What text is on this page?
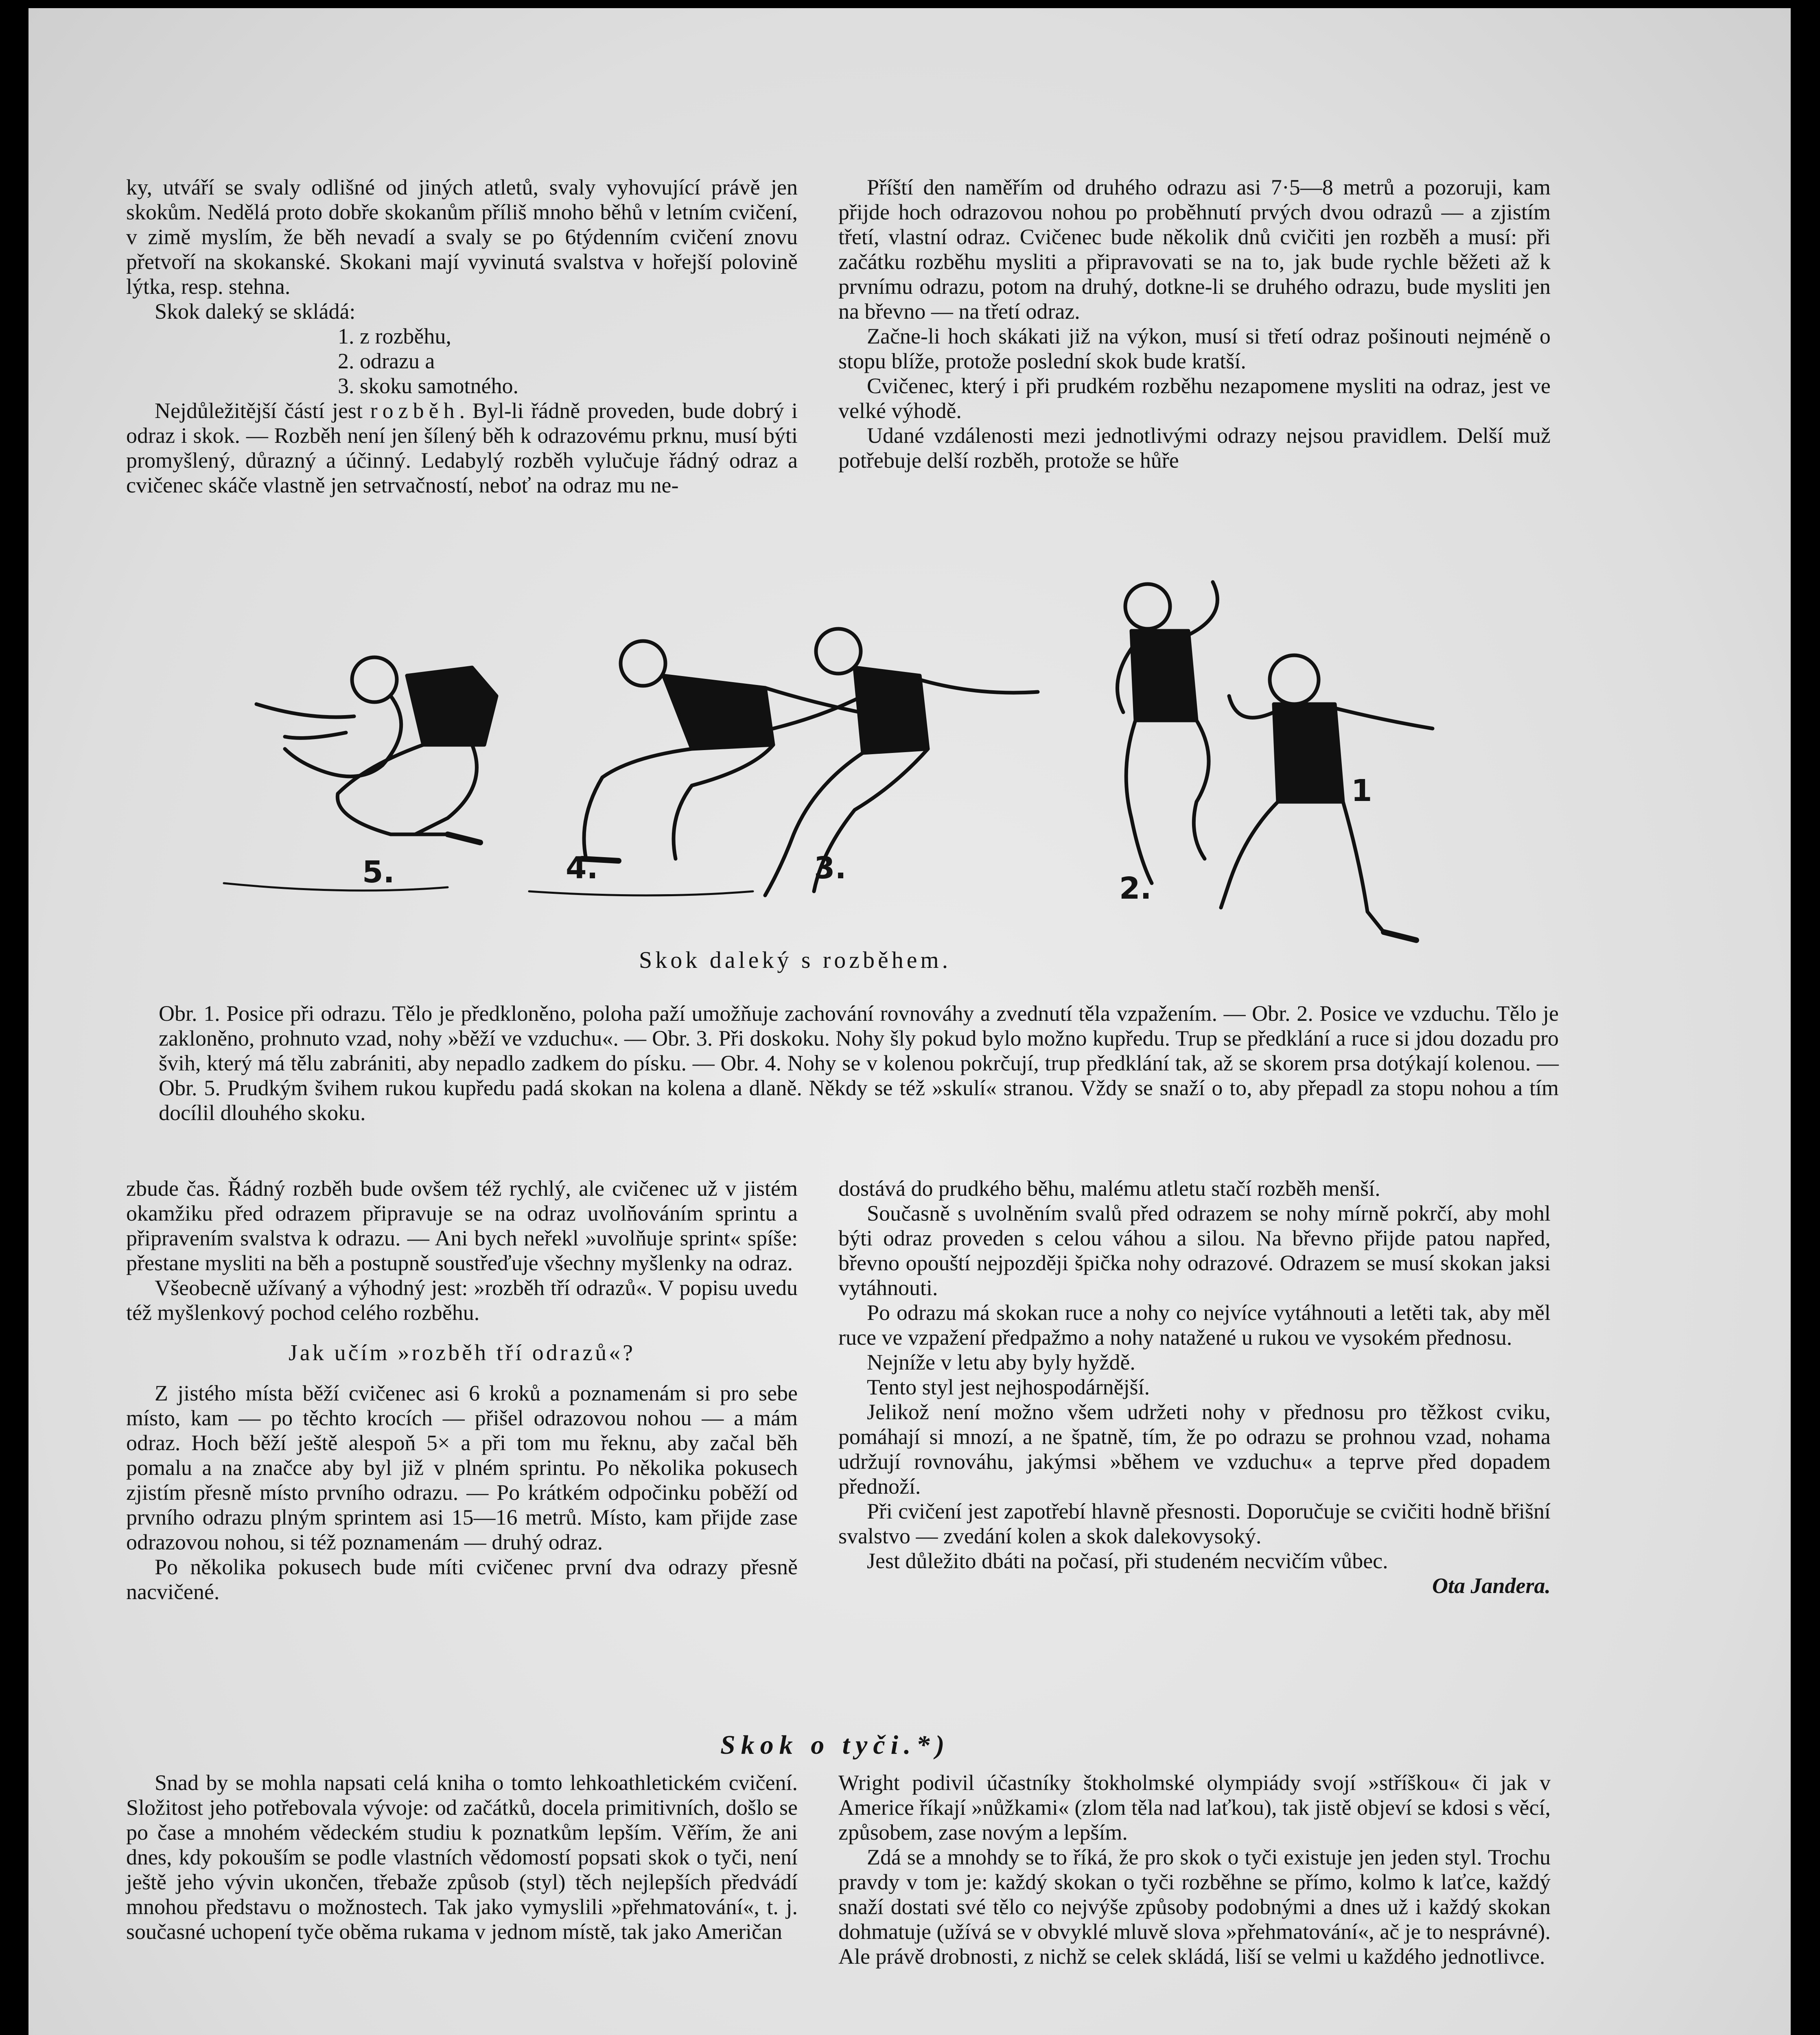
ky, utváří se svaly odlišné od jiných atletů, svaly vyhovující právě jen skokům. Nedělá proto dobře skokanům příliš mnoho běhů v letním cvičení, v zimě myslím, že běh nevadí a svaly se po 6týdenním cvičení znovu přetvoří na skokanské. Skokani mají vyvinutá svalstva v hořejší polovině lýtka, resp. stehna.

Skok daleký se skládá:

1. z rozběhu,

2. odrazu a

3. skoku samotného.

Nejdůležitější částí jest rozběh. Byl-li řádně proveden, bude dobrý i odraz i skok. — Rozběh není jen šílený běh k odrazovému prknu, musí býti promyšlený, důrazný a účinný. Ledabylý rozběh vylučuje řádný odraz a cvičenec skáče vlastně jen setrvačností, neboť na odraz mu ne-

Příští den naměřím od druhého odrazu asi 7·5—8 metrů a pozoruji, kam přijde hoch odrazovou nohou po proběhnutí prvých dvou odrazů — a zjistím třetí, vlastní odraz. Cvičenec bude několik dnů cvičiti jen rozběh a musí: při začátku rozběhu mysliti a připravovati se na to, jak bude rychle běžeti až k prvnímu odrazu, potom na druhý, dotkne-li se druhého odrazu, bude mysliti jen na břevno — na třetí odraz.

Začne-li hoch skákati již na výkon, musí si třetí odraz pošinouti nejméně o stopu blíže, protože poslední skok bude kratší.

Cvičenec, který i při prudkém rozběhu nezapomene mysliti na odraz, jest ve velké výhodě.

Udané vzdálenosti mezi jednotlivými odrazy nejsou pravidlem. Delší muž potřebuje delší rozběh, protože se hůře

5.	4.	3.
2.
1
Skok daleký s rozběhem.

Obr. 1. Posice při odrazu. Tělo je předkloněno, poloha paží umožňuje zachování rovnováhy a zvednutí těla vzpažením. — Obr. 2. Posice ve vzduchu. Tělo je zakloněno, prohnuto vzad, nohy »běží ve vzduchu«. — Obr. 3. Při doskoku. Nohy šly pokud bylo možno kupředu. Trup se předklání a ruce si jdou dozadu pro švih, který má tělu zabrániti, aby nepadlo zadkem do písku. — Obr. 4. Nohy se v kolenou pokrčují, trup předklání tak, až se skorem prsa dotýkají kolenou. — Obr. 5. Prudkým švihem rukou kupředu padá skokan na kolena a dlaně. Někdy se též »skulí« stranou. Vždy se snaží o to, aby přepadl za stopu nohou a tím docílil dlouhého skoku.

zbude čas. Řádný rozběh bude ovšem též rychlý, ale cvičenec už v jistém okamžiku před odrazem připravuje se na odraz uvolňováním sprintu a připravením svalstva k odrazu. — Ani bych neřekl »uvolňuje sprint« spíše: přestane mysliti na běh a postupně soustřeďuje všechny myšlenky na odraz.

Všeobecně užívaný a výhodný jest: »rozběh tří odrazů«. V popisu uvedu též myšlenkový pochod celého rozběhu.

Jak učím »rozběh tří odrazů«?

Z jistého místa běží cvičenec asi 6 kroků a poznamenám si pro sebe místo, kam — po těchto krocích — přišel odrazovou nohou — a mám odraz. Hoch běží ještě alespoň 5× a při tom mu řeknu, aby začal běh pomalu a na značce aby byl již v plném sprintu. Po několika pokusech zjistím přesně místo prvního odrazu. — Po krátkém odpočinku poběží od prvního odrazu plným sprintem asi 15—16 metrů. Místo, kam přijde zase odrazovou nohou, si též poznamenám — druhý odraz.

Po několika pokusech bude míti cvičenec první dva odrazy přesně nacvičené.

dostává do prudkého běhu, malému atletu stačí rozběh menší.

Současně s uvolněním svalů před odrazem se nohy mírně pokrčí, aby mohl býti odraz proveden s celou váhou a silou. Na břevno přijde patou napřed, břevno opouští nejpozději špička nohy odrazové. Odrazem se musí skokan jaksi vytáhnouti.

Po odrazu má skokan ruce a nohy co nejvíce vytáhnouti a letěti tak, aby měl ruce ve vzpažení předpažmo a nohy natažené u rukou ve vysokém přednosu.

Nejníže v letu aby byly hyždě.

Tento styl jest nejhospodárnější.

Jelikož není možno všem udržeti nohy v přednosu pro těžkost cviku, pomáhají si mnozí, a ne špatně, tím, že po odrazu se prohnou vzad, nohama udržují rovnováhu, jakýmsi »během ve vzduchu« a teprve před dopadem přednoží.

Při cvičení jest zapotřebí hlavně přesnosti. Doporučuje se cvičiti hodně břišní svalstvo — zvedání kolen a skok dalekovysoký.

Jest důležito dbáti na počasí, při studeném necvičím vůbec.

Ota Jandera.

Skok o tyči.*)

Snad by se mohla napsati celá kniha o tomto lehkoathletickém cvičení. Složitost jeho potřebovala vývoje: od začátků, docela primitivních, došlo se po čase a mnohém vědeckém studiu k poznatkům lepším. Věřím, že ani dnes, kdy pokouším se podle vlastních vědomostí popsati skok o tyči, není ještě jeho vývin ukončen, třebaže způsob (styl) těch nejlepších předvádí mnohou představu o možnostech. Tak jako vymyslili »přehmatování«, t. j. současné uchopení tyče oběma rukama v jednom místě, tak jako Američan

Wright podivil účastníky štokholmské olympiády svojí »stříškou« či jak v Americe říkají »nůžkami« (zlom těla nad laťkou), tak jistě objeví se kdosi s věcí, způsobem, zase novým a lepším.

Zdá se a mnohdy se to říká, že pro skok o tyči existuje jen jeden styl. Trochu pravdy v tom je: každý skokan o tyči rozběhne se přímo, kolmo k laťce, každý snaží dostati své tělo co nejvýše způsoby podobnými a dnes už i každý skokan dohmatuje (užívá se v obvyklé mluvě slova »přehmatování«, ač je to nesprávné). Ale právě drobnosti, z nichž se celek skládá, liší se velmi u každého jednotlivce.
